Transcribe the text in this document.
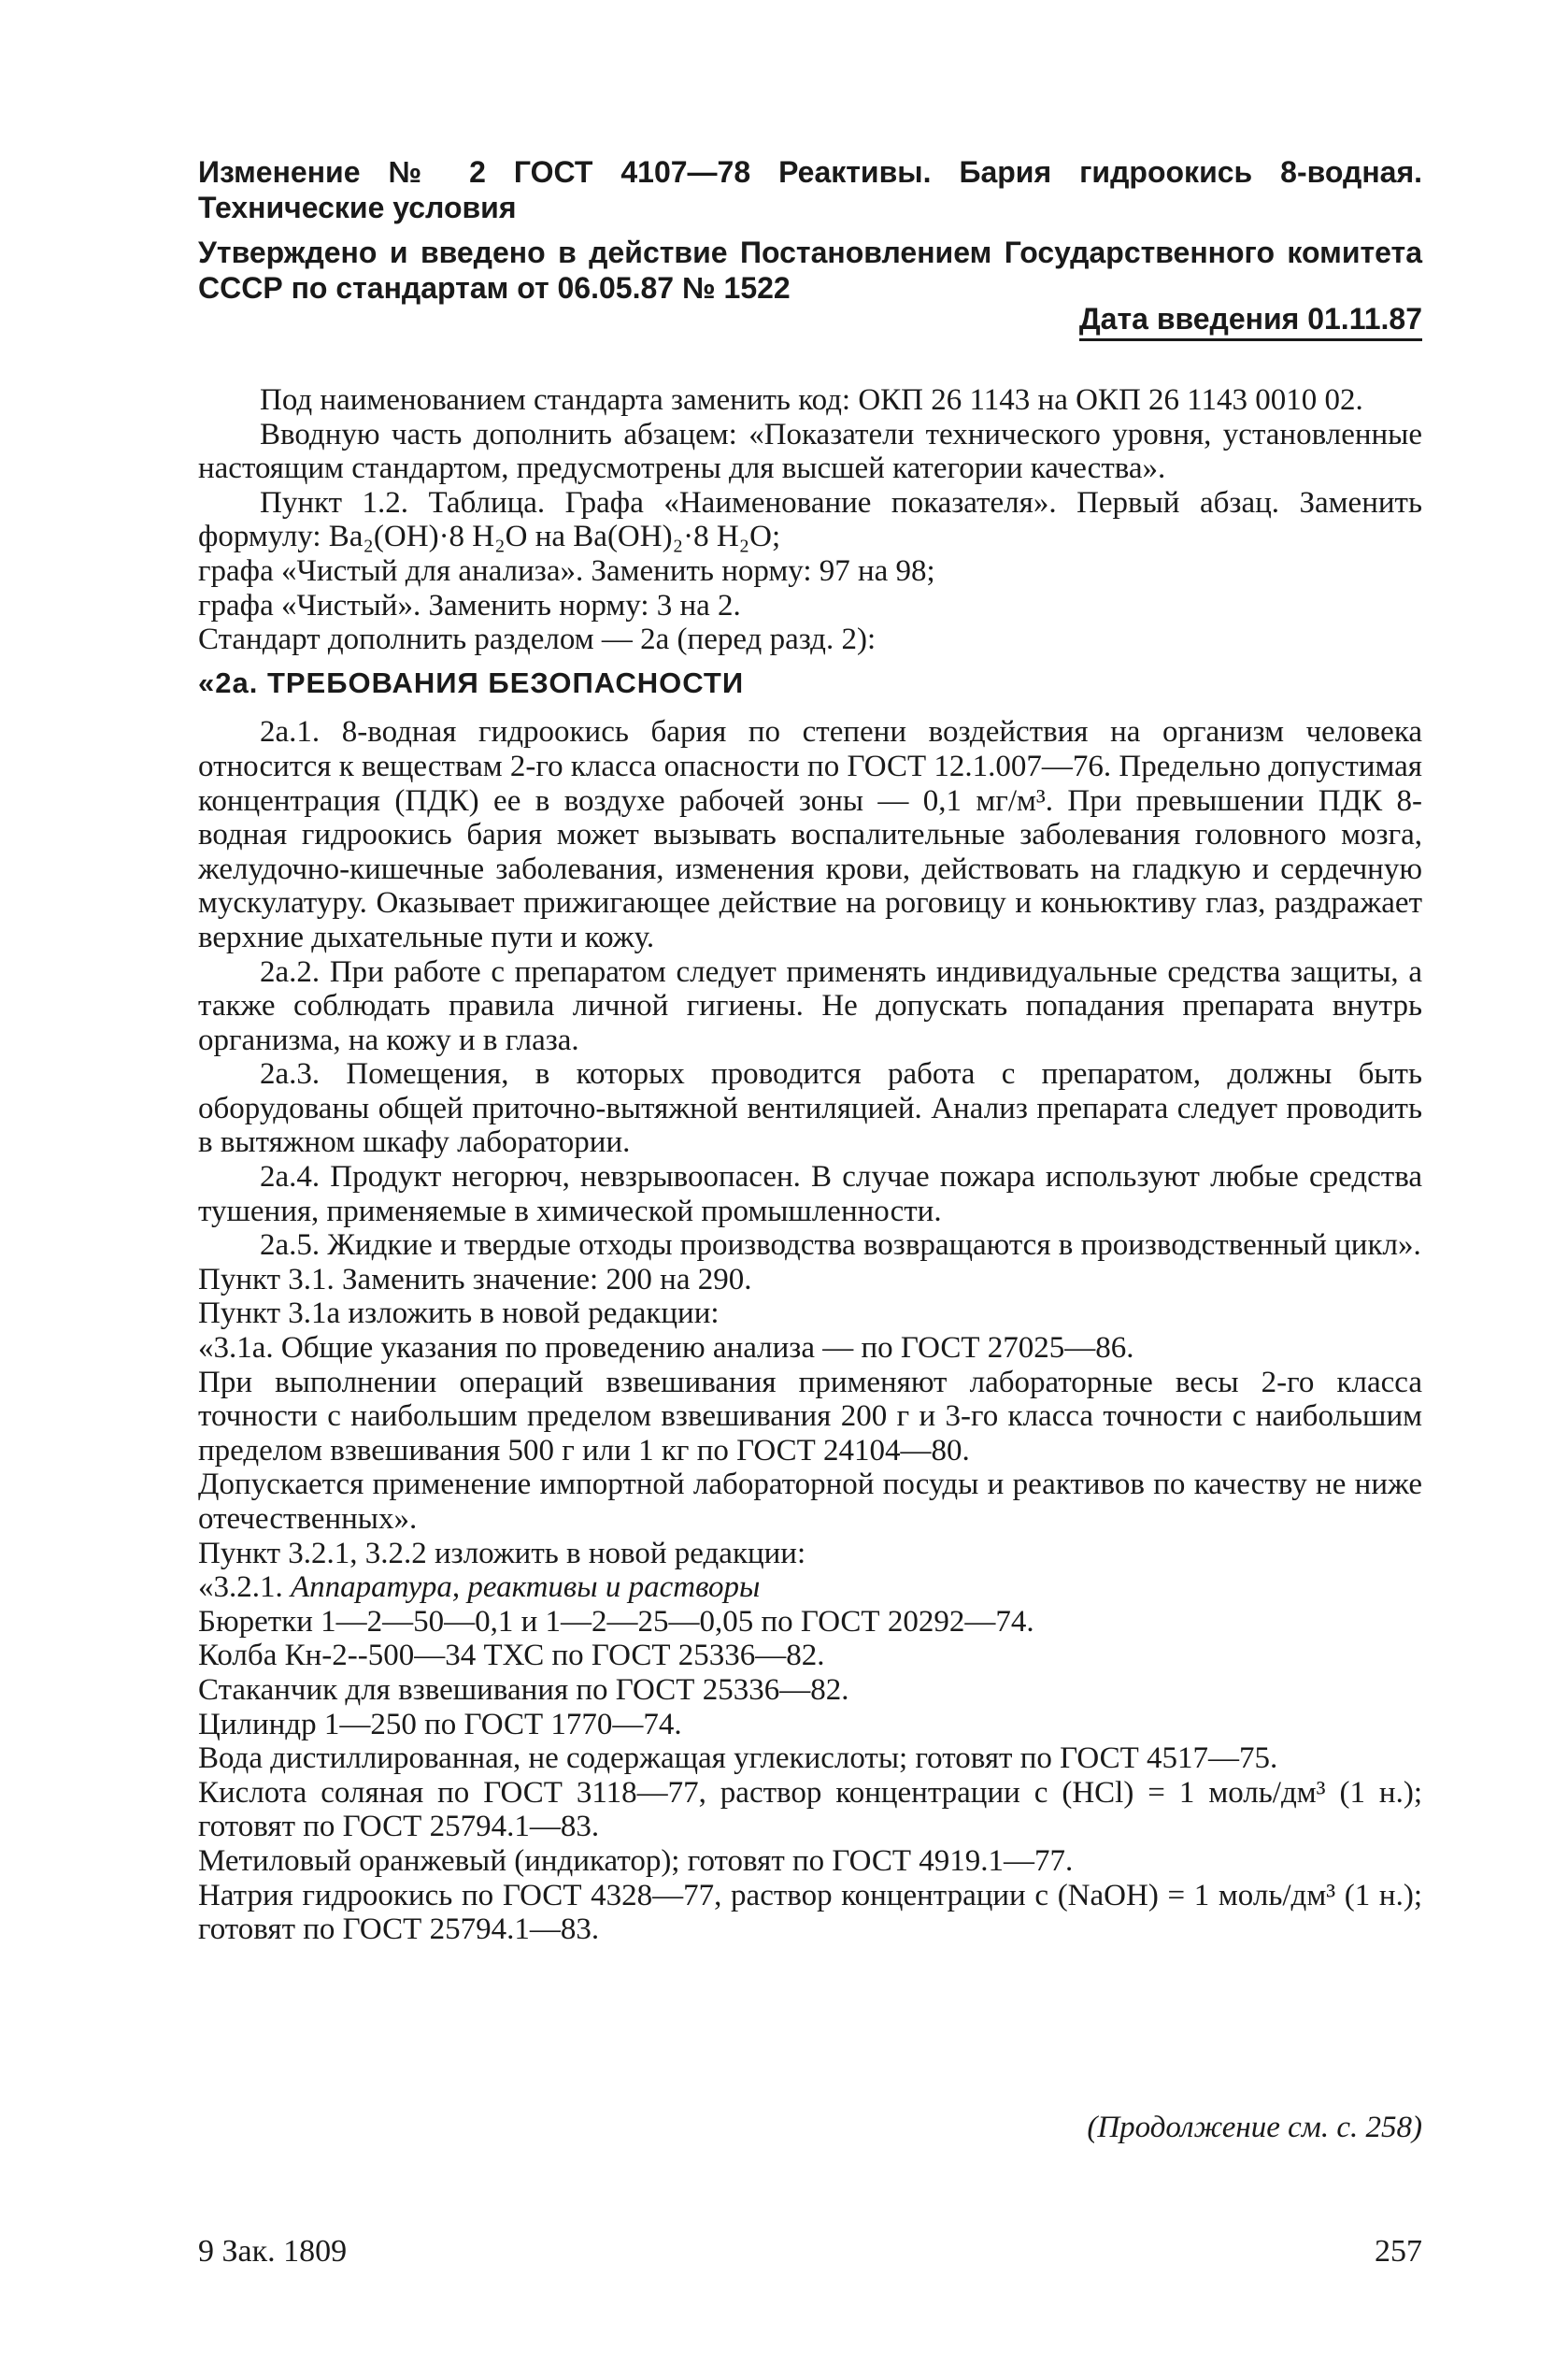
Изменение № 2 ГОСТ 4107—78 Реактивы. Бария гидроокись 8-водная. Технические условия

Утверждено и введено в действие Постановлением Государственного комитета СССР по стандартам от 06.05.87 № 1522

Дата введения 01.11.87

Под наименованием стандарта заменить код: ОКП 26 1143 на ОКП 26 1143 0010 02.

Вводную часть дополнить абзацем: «Показатели технического уровня, установленные настоящим стандартом, предусмотрены для высшей категории качества».

Пункт 1.2. Таблица. Графа «Наименование показателя». Первый абзац. Заменить формулу: Ba₂(OH)·8 H₂O на Ba(OH)₂·8 H₂O;

графа «Чистый для анализа». Заменить норму: 97 на 98;

графа «Чистый». Заменить норму: 3 на 2.

Стандарт дополнить разделом — 2а (перед разд. 2):

«2а. ТРЕБОВАНИЯ БЕЗОПАСНОСТИ

2а.1. 8-водная гидроокись бария по степени воздействия на организм человека относится к веществам 2-го класса опасности по ГОСТ 12.1.007—76. Предельно допустимая концентрация (ПДК) ее в воздухе рабочей зоны — 0,1 мг/м³. При превышении ПДК 8-водная гидроокись бария может вызывать воспалительные заболевания головного мозга, желудочно-кишечные заболевания, изменения крови, действовать на гладкую и сердечную мускулатуру. Оказывает прижигающее действие на роговицу и коньюктиву глаз, раздражает верхние дыхательные пути и кожу.

2а.2. При работе с препаратом следует применять индивидуальные средства защиты, а также соблюдать правила личной гигиены. Не допускать попадания препарата внутрь организма, на кожу и в глаза.

2а.3. Помещения, в которых проводится работа с препаратом, должны быть оборудованы общей приточно-вытяжной вентиляцией. Анализ препарата следует проводить в вытяжном шкафу лаборатории.

2а.4. Продукт негорюч, невзрывоопасен. В случае пожара используют любые средства тушения, применяемые в химической промышленности.

2а.5. Жидкие и твердые отходы производства возвращаются в производственный цикл».

Пункт 3.1. Заменить значение: 200 на 290.

Пункт 3.1а изложить в новой редакции:

«3.1а. Общие указания по проведению анализа — по ГОСТ 27025—86.

При выполнении операций взвешивания применяют лабораторные весы 2-го класса точности с наибольшим пределом взвешивания 200 г и 3-го класса точности с наибольшим пределом взвешивания 500 г или 1 кг по ГОСТ 24104—80.

Допускается применение импортной лабораторной посуды и реактивов по качеству не ниже отечественных».

Пункт 3.2.1, 3.2.2 изложить в новой редакции:

«3.2.1. Аппаратура, реактивы и растворы

Бюретки 1—2—50—0,1 и 1—2—25—0,05 по ГОСТ 20292—74.

Колба Кн-2--500—34 ТХС по ГОСТ 25336—82.

Стаканчик для взвешивания по ГОСТ 25336—82.

Цилиндр 1—250 по ГОСТ 1770—74.

Вода дистиллированная, не содержащая углекислоты; готовят по ГОСТ 4517—75.

Кислота соляная по ГОСТ 3118—77, раствор концентрации c (HCl) = 1 моль/дм³ (1 н.); готовят по ГОСТ 25794.1—83.

Метиловый оранжевый (индикатор); готовят по ГОСТ 4919.1—77.

Натрия гидроокись по ГОСТ 4328—77, раствор концентрации c (NaOH) = 1 моль/дм³ (1 н.); готовят по ГОСТ 25794.1—83.

(Продолжение см. с. 258)
9 Зак. 1809	257
